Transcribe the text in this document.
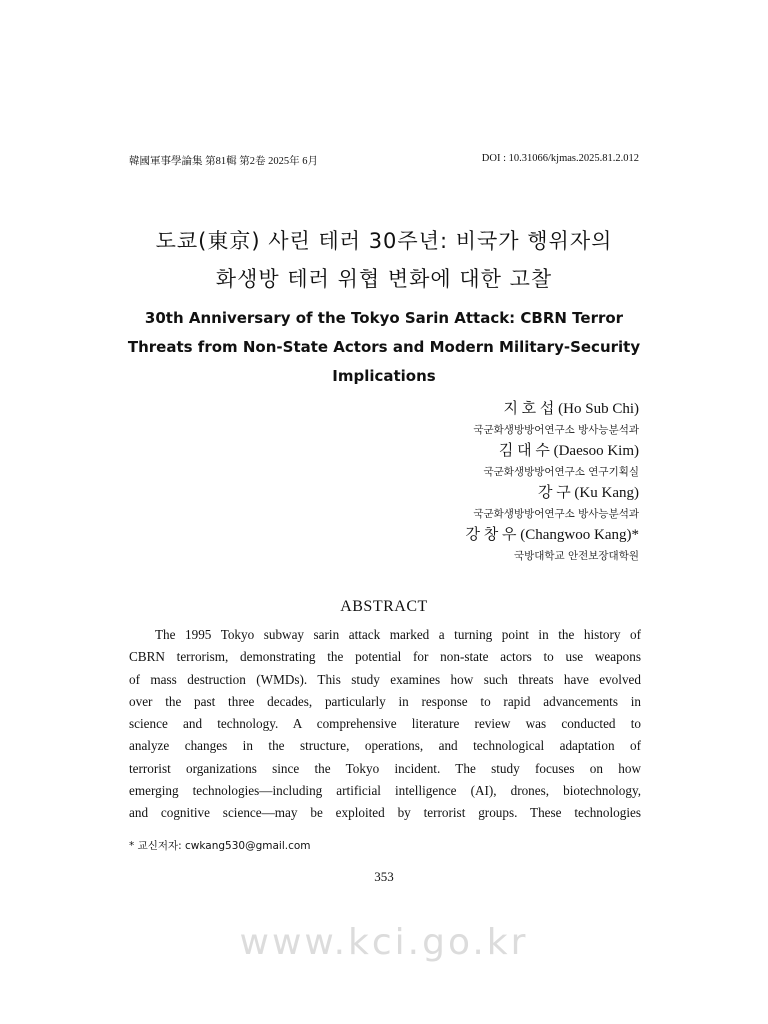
韓國軍事學論集 第81輯 第2卷 2025年 6月	DOI : 10.31066/kjmas.2025.81.2.012
도쿄(東京) 사린 테러 30주년: 비국가 행위자의
화생방 테러 위협 변화에 대한 고찰
30th Anniversary of the Tokyo Sarin Attack: CBRN Terror
Threats from Non-State Actors and Modern Military-Security
Implications
지 호 섭 (Ho Sub Chi)
국군화생방방어연구소 방사능분석과
김 대 수 (Daesoo Kim)
국군화생방방어연구소 연구기획실
강 구 (Ku Kang)
국군화생방방어연구소 방사능분석과
강 창 우 (Changwoo Kang)*
국방대학교 안전보장대학원
ABSTRACT
The 1995 Tokyo subway sarin attack marked a turning point in the history of
CBRN terrorism, demonstrating the potential for non-state actors to use weapons
of mass destruction (WMDs). This study examines how such threats have evolved
over the past three decades, particularly in response to rapid advancements in
science and technology. A comprehensive literature review was conducted to
analyze changes in the structure, operations, and technological adaptation of
terrorist organizations since the Tokyo incident. The study focuses on how
emerging technologies—including artificial intelligence (AI), drones, biotechnology,
and cognitive science—may be exploited by terrorist groups. These technologies
* 교신저자: cwkang530@gmail.com
353
www.kci.go.kr
